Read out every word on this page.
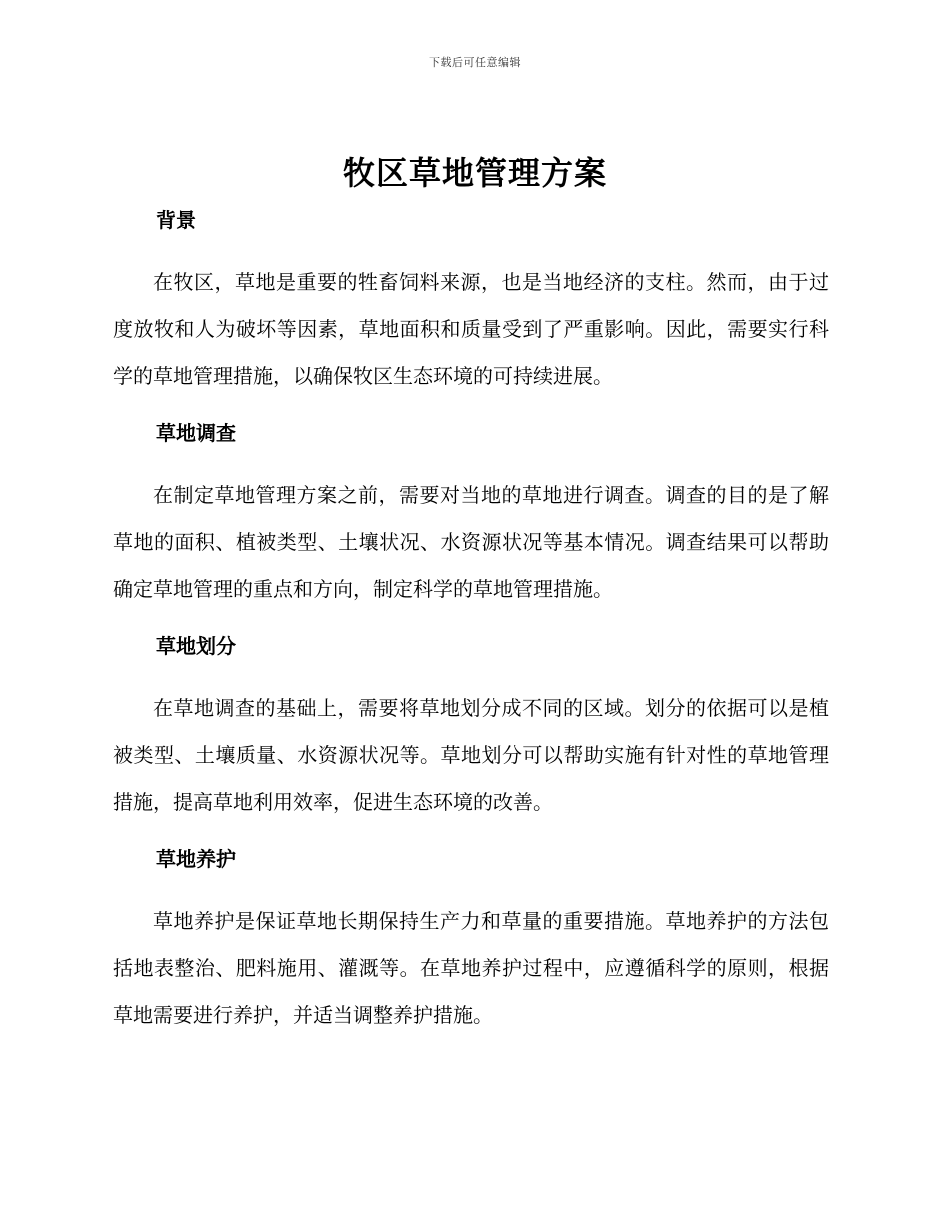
下载后可任意编辑
牧区草地管理方案
背景

在牧区，草地是重要的牲畜饲料来源，也是当地经济的支柱。然而，由于过度放牧和人为破坏等因素，草地面积和质量受到了严重影响。因此，需要实行科学的草地管理措施，以确保牧区生态环境的可持续进展。

草地调查

在制定草地管理方案之前，需要对当地的草地进行调查。调查的目的是了解草地的面积、植被类型、土壤状况、水资源状况等基本情况。调查结果可以帮助确定草地管理的重点和方向，制定科学的草地管理措施。

草地划分

在草地调查的基础上，需要将草地划分成不同的区域。划分的依据可以是植被类型、土壤质量、水资源状况等。草地划分可以帮助实施有针对性的草地管理措施，提高草地利用效率，促进生态环境的改善。

草地养护

草地养护是保证草地长期保持生产力和草量的重要措施。草地养护的方法包括地表整治、肥料施用、灌溉等。在草地养护过程中，应遵循科学的原则，根据草地需要进行养护，并适当调整养护措施。
